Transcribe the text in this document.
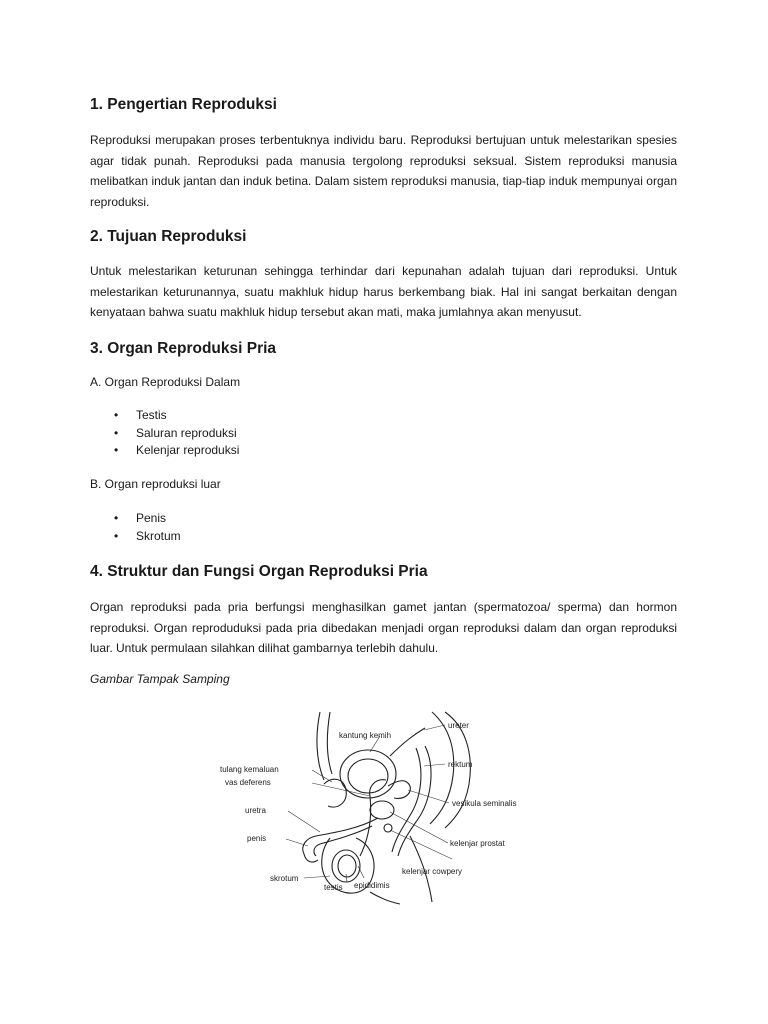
1. Pengertian Reproduksi

Reproduksi merupakan proses terbentuknya individu baru. Reproduksi bertujuan untuk melestarikan spesies agar tidak punah. Reproduksi pada manusia tergolong reproduksi seksual. Sistem reproduksi manusia melibatkan induk jantan dan induk betina. Dalam sistem reproduksi manusia, tiap-tiap induk mempunyai organ reproduksi.

2. Tujuan Reproduksi

Untuk melestarikan keturunan sehingga terhindar dari kepunahan adalah tujuan dari reproduksi. Untuk melestarikan keturunannya, suatu makhluk hidup harus berkembang biak. Hal ini sangat berkaitan dengan kenyataan bahwa suatu makhluk hidup tersebut akan mati, maka jumlahnya akan menyusut.

3. Organ Reproduksi Pria
A. Organ Reproduksi Dalam
• Testis
• Saluran reproduksi
• Kelenjar reproduksi
B. Organ reproduksi luar
• Penis
• Skrotum
4. Struktur dan Fungsi Organ Reproduksi Pria

Organ reproduksi pada pria berfungsi menghasilkan gamet jantan (spermatozoa/ sperma) dan hormon reproduksi. Organ reproduduksi pada pria dibedakan menjadi organ reproduksi dalam dan organ reproduksi luar. Untuk permulaan silahkan dilihat gambarnya terlebih dahulu.

Gambar Tampak Samping
ureter
kantung kemih
rektum
tulang kemaluan
vas deferens
vesikula seminalis
uretra
penis
kelenjar prostat
kelenjar cowpery
skrotum
testis epididimis
